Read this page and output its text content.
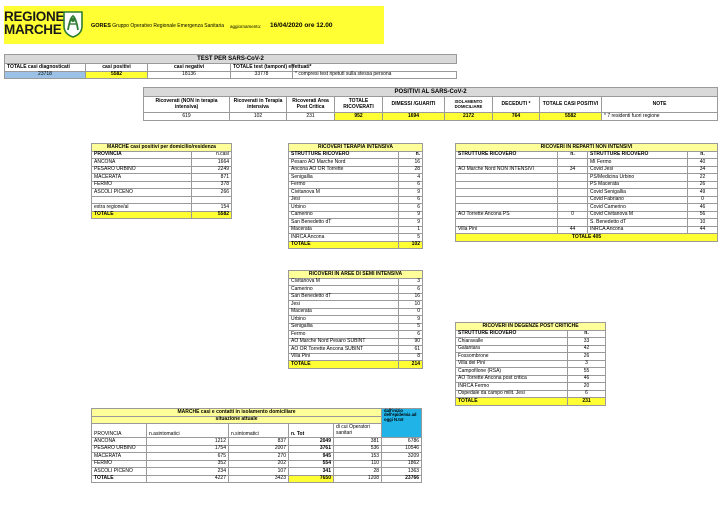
REGIONE
MARCHE	GORES Gruppo Operativo Regionale Emergenza Sanitaria aggiornamento: 16/04/2020 ore 12.00
TEST PER SARS-CoV-2				
TOTALE casi diagnosticati	casi positivi	casi negativi	TOTALE test (tamponi) effettuati*	
23718	5582	18136	33778	* compresi test ripetuti sulla stessa persona
POSITIVI AL SARS-CoV-2								
Ricoverati (NON in terapia intensiva)	Ricoverati in Terapia intensiva	Ricoverati Area Post Critica	TOTALE RICOVERATI	DIMESSI /GUARITI	ISOLAMENTO DOMICILIARE	DECEDUTI *	TOTALE CASI POSITIVI	NOTE
619	102	231	952	1694	2172	764	5582	* 7 residenti fuori regione
MARCHE casi positivi per domicilio/residenza	
PROVINCIA	n.casi
ANCONA	1664
PESARO URBINO	2249
MACERATA	871
FERMO	378
ASCOLI PICENO	266

extra regione/al	154
TOTALE	5582
RICOVERI TERAPIA INTENSIVA	
STRUTTURE RICOVERO	n.
Pesaro AO Marche Nord	16
Ancona AO OR Torrette	28
Senigallia	4
Fermo	6
Civitanova M	9
Jesi	6
Urbino	6
Camerino	9
San Benedetto dT	9
Macerata	1
INRCA Ancona	5
TOTALE	102
RICOVERI IN AREE DI SEMI INTENSIVA	
Civitanova M	3
Camerino	6
San Benedetto dT	16
Jesi	10
Macerata	0
Urbino	9
Senigallia	5
Fermo	6
AO Marche Nord Pesaro SUBINT	90
AO OR Torrette Ancona SUBINT	61
Villa Pini	8
TOTALE	214
RICOVERI IN REPARTI NON INTENSIVI			
STRUTTURE RICOVERO	n.	STRUTTURE RICOVERO	n.
		MI Fermo	40
AO Marche Nord NON INTENSIVI	34	Covid Jesi	34
		PS/Medicina Urbino	22
		PS Macerata	26
		Covid Senigallia	49
		Covid Fabriano	0
		Covid Camerino	46
AO Torrette Ancona PS	0	Covid Civitanova M	56
		S. Benedetto dT	10
Villa Pini	44	INRCA Ancona	44
TOTALE 405			
RICOVERI IN DEGENZE POST CRITICHE	
STRUTTURE RICOVERO	n.
Chiaravalle	33
Galantara	42
Fossombrone	26
Villa dei Pini	3
Campofilone (RSA)	55
AO Torrette Ancona post critica	46
INRCA Fermo	20
Ospedale da campo milit. Jesi	6
TOTALE	231
MARCHE casi e contatti in isolamento domiciliare					dall'inizio dell'epidemia ad oggi N.tot
situazione attuale					
PROVINCIA	n.asintomatici	n.sintomatici	n. Tot	di cui Operatori sanitari	
ANCONA	1212	837	2049	381	6786
PESARO URBINO	1754	2007	3761	536	10546
MACERATA	675	270	945	153	3209
FERMO	352	202	554	110	1862
ASCOLI PICENO	234	107	341	28	1363
TOTALE	4227	3423	7650	1208	23766
